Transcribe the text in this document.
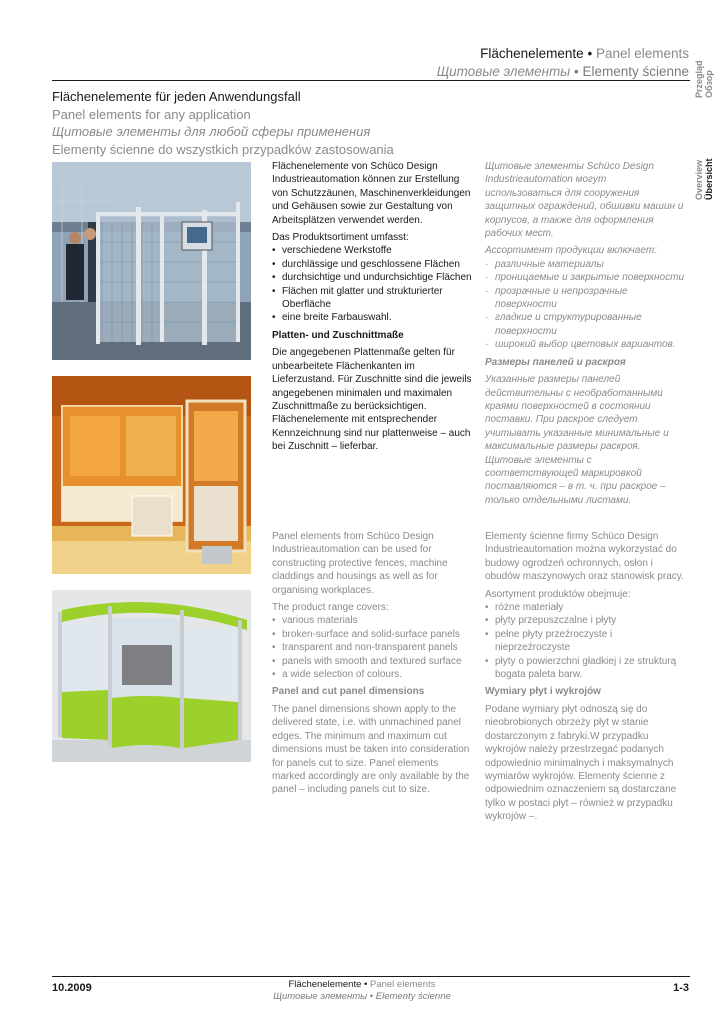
Flächenelemente • Panel elements
Щитовые элементы • Elementy ścienne Przegląd
Обзор
Overview
Übersicht
Flächenelemente für jeden Anwendungsfall
Panel elements for any application
Щитовые элементы для любой сферы применения
Elementy ścienne do wszystkich przypadków zastosowania

Flächenelemente von Schüco Design Industrieautomation können zur Erstellung von Schutzzäunen, Maschinenverkleidungen und Gehäusen sowie zur Gestaltung von Arbeitsplätzen verwendet werden.

Das Produktsortiment umfasst:

• verschiedene Werkstoffe
• durchlässige und geschlossene Flächen
• durchsichtige und undurchsichtige Flächen
• Flächen mit glatter und strukturierter Oberfläche
• eine breite Farbauswahl.
Platten- und Zuschnittmaße

Die angegebenen Plattenmaße gelten für unbearbeitete Flächenkanten im Lieferzustand. Für Zuschnitte sind die jeweils angegebenen minimalen und maximalen Zuschnittmaße zu berücksichtigen. Flächenelemente mit entsprechender Kennzeichnung sind nur plattenweise – auch bei Zuschnitt – lieferbar.

Щитовые элементы Schüco Design Industrieautomation могут использоваться для сооружения защитных ограждений, обшивки машин и корпусов, а также для оформления рабочих мест.

Ассортимент продукции включает:

· различные материалы
· проницаемые и закрытые поверхности
· прозрачные и непрозрачные поверхности
· гладкие и структурированные поверхности
· широкий выбор цветовых вариантов.
Размеры панелей и раскроя

Указанные размеры панелей действительны с необработанными краями поверхностей в состоянии поставки. При раскрое следует учитывать указанные минимальные и максимальные размеры раскроя. Щитовые элементы с соответствующей маркировкой поставляются – в т. ч. при раскрое – только отдельными листами.

Panel elements from Schüco Design Industrieautomation can be used for constructing protective fences, machine claddings and housings as well as for organising workplaces.

The product range covers:

• various materials
• broken-surface and solid-surface panels
• transparent and non-transparent panels
• panels with smooth and textured surface
• a wide selection of colours.
Panel and cut panel dimensions

The panel dimensions shown apply to the delivered state, i.e. with unmachined panel edges. The minimum and maximum cut dimensions must be taken into consideration for panels cut to size. Panel elements marked accordingly are only available by the panel – including panels cut to size.

Elementy ścienne firmy Schüco Design Industrieautomation można wykorzystać do budowy ogrodzeń ochronnych, osłon i obudów maszynowych oraz stanowisk pracy.

Asortyment produktów obejmuje:

• różne materiały
• płyty przepuszczalne i płyty
• pełne płyty przeźroczyste i nieprzeźroczyste
• płyty o powierzchni gładkiej i ze strukturą bogata paleta barw.
Wymiary płyt i wykrojów

Podane wymiary płyt odnoszą się do nieobrobionych obrzeży płyt w stanie dostarczonym z fabryki.W przypadku wykrojów należy przestrzegać podanych odpowiednio minimalnych i maksymalnych wymiarów wykrojów. Elementy ścienne z odpowiednim oznaczeniem są dostarczane tylko w postaci płyt – również w przypadku wykrojów –.

10.2009	Flächenelemente • Panel elements
Щитовые элементы • Elementy ścienne
1-3
